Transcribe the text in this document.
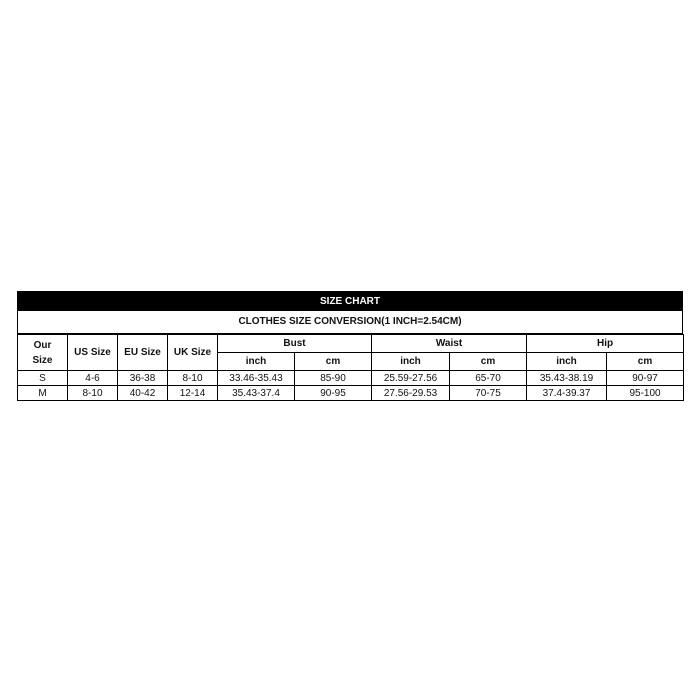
SIZE CHART
CLOTHES SIZE CONVERSION(1 INCH=2.54CM)
Our
Size	US Size	EU Size	UK Size	Bust		Waist		Hip	
				inch	cm	inch	cm	inch	cm
S	4-6	36-38	8-10	33.46-35.43	85-90	25.59-27.56	65-70	35.43-38.19	90-97
M	8-10	40-42	12-14	35.43-37.4	90-95	27.56-29.53	70-75	37.4-39.37	95-100
